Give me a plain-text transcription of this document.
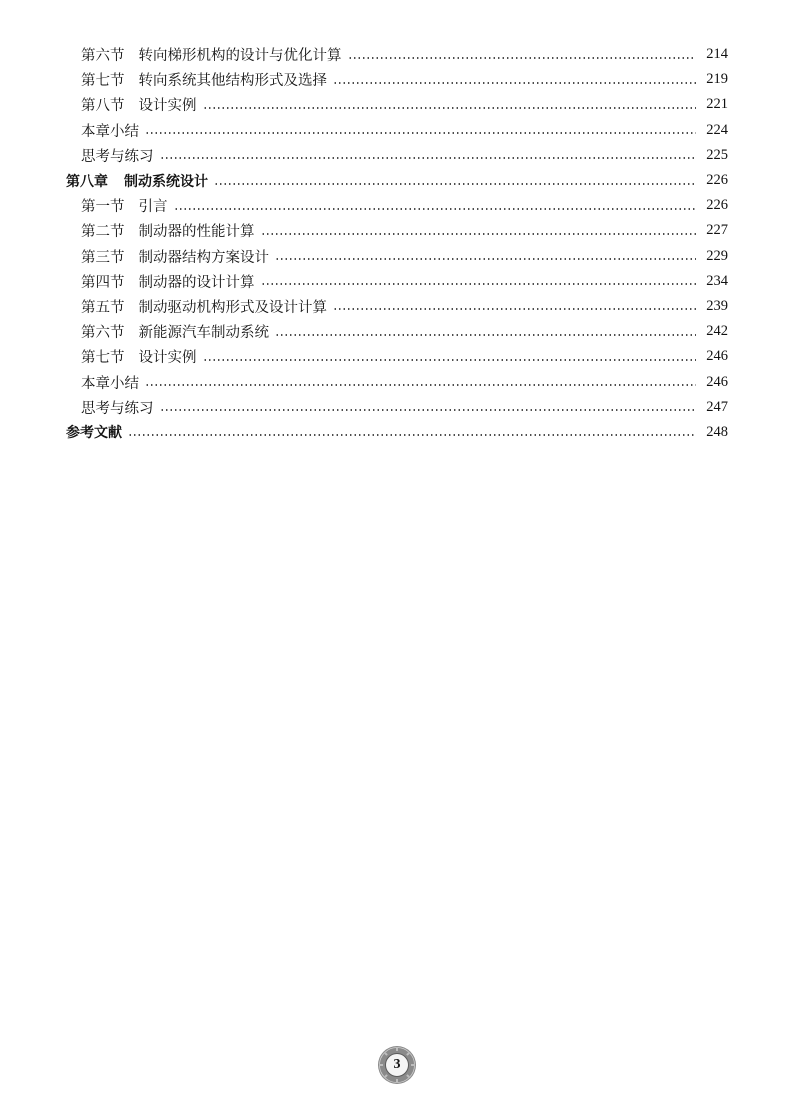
第六节 转向梯形机构的设计与优化计算	214
第七节 转向系统其他结构形式及选择	219
第八节 设计实例	221
本章小结	224
思考与练习	225
第八章 制动系统设计	226
第一节 引言	226
第二节 制动器的性能计算	227
第三节 制动器结构方案设计	229
第四节 制动器的设计计算	234
第五节 制动驱动机构形式及设计计算	239
第六节 新能源汽车制动系统	242
第七节 设计实例	246
本章小结	246
思考与练习	247
参考文献	248
3
